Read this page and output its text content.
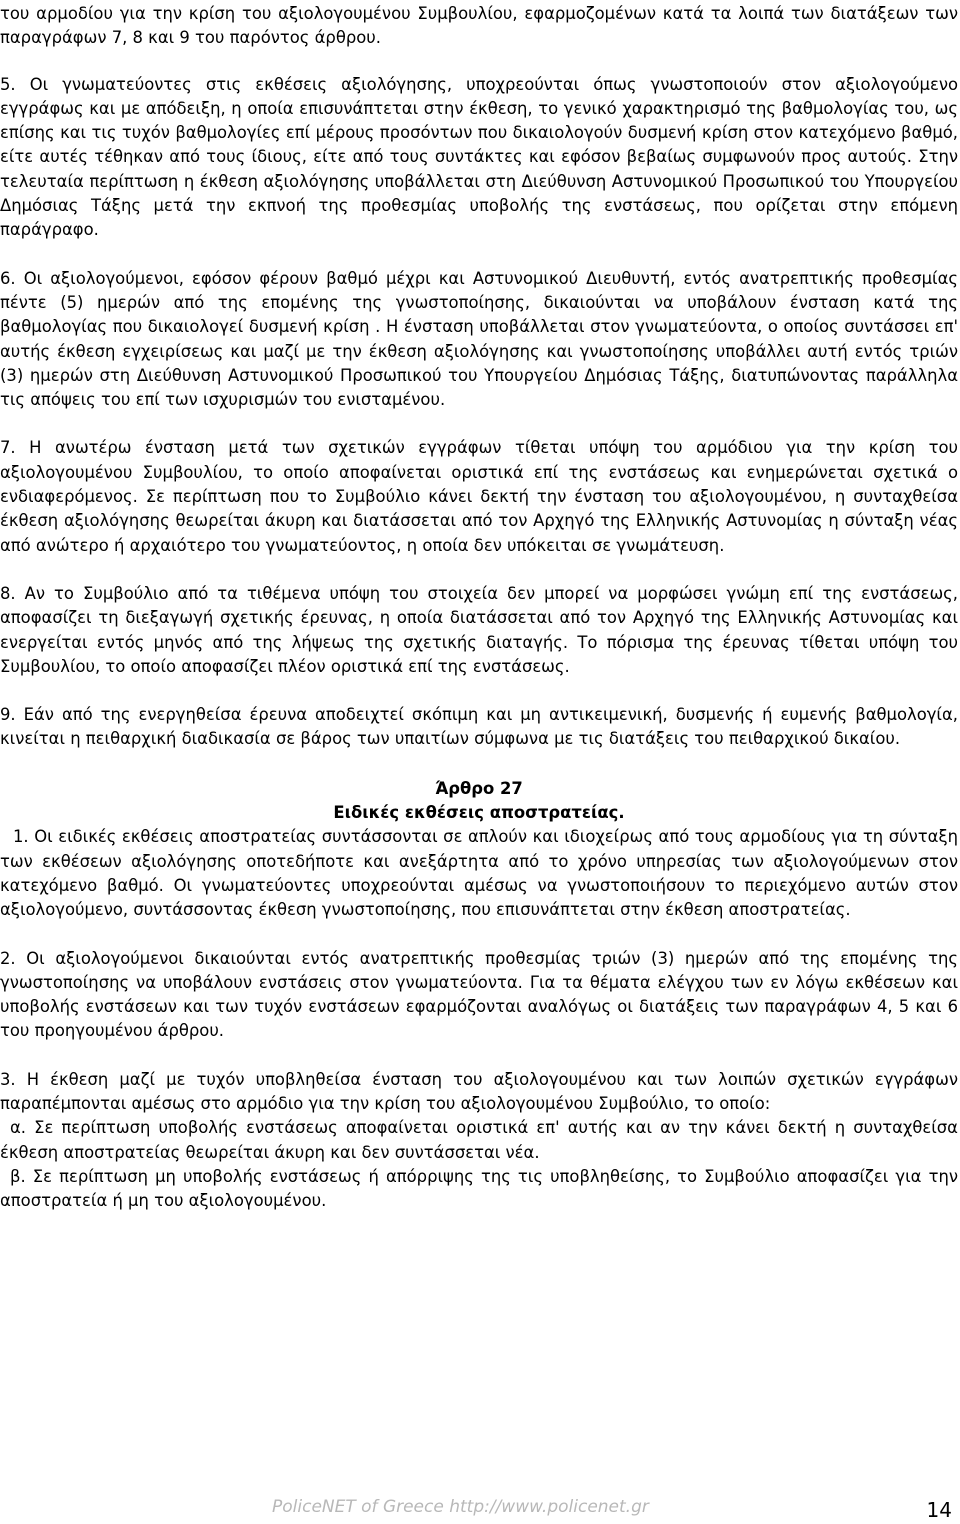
του αρμοδίου για την κρίση του αξιολογουμένου Συμβουλίου, εφαρμοζομένων κατά τα λοιπά των διατάξεων των παραγράφων 7, 8 και 9 του παρόντος άρθρου.

5. Οι γνωματεύοντες στις εκθέσεις αξιολόγησης, υποχρεούνται όπως γνωστοποιούν στον αξιολογούμενο εγγράφως και με απόδειξη, η οποία επισυνάπτεται στην έκθεση, το γενικό χαρακτηρισμό της βαθμολογίας του, ως επίσης και τις τυχόν βαθμολογίες επί μέρους προσόντων που δικαιολογούν δυσμενή κρίση στον κατεχόμενο βαθμό, είτε αυτές τέθηκαν από τους ίδιους, είτε από τους συντάκτες και εφόσον βεβαίως συμφωνούν προς αυτούς. Στην τελευταία περίπτωση η έκθεση αξιολόγησης υποβάλλεται στη Διεύθυνση Αστυνομικού Προσωπικού του Υπουργείου Δημόσιας Τάξης μετά την εκπνοή της προθεσμίας υποβολής της ενστάσεως, που ορίζεται στην επόμενη παράγραφο.

6. Οι αξιολογούμενοι, εφόσον φέρουν βαθμό μέχρι και Αστυνομικού Διευθυντή, εντός ανατρεπτικής προθεσμίας πέντε (5) ημερών από της επομένης της γνωστοποίησης, δικαιούνται να υποβάλουν ένσταση κατά της βαθμολογίας που δικαιολογεί δυσμενή κρίση . Η ένσταση υποβάλλεται στον γνωματεύοντα, ο οποίος συντάσσει επ' αυτής έκθεση εγχειρίσεως και μαζί με την έκθεση αξιολόγησης και γνωστοποίησης υποβάλλει αυτή εντός τριών (3) ημερών στη Διεύθυνση Αστυνομικού Προσωπικού του Υπουργείου Δημόσιας Τάξης, διατυπώνοντας παράλληλα τις απόψεις του επί των ισχυρισμών του ενισταμένου.

7. Η ανωτέρω ένσταση μετά των σχετικών εγγράφων τίθεται υπόψη του αρμόδιου για την κρίση του αξιολογουμένου Συμβουλίου, το οποίο αποφαίνεται οριστικά επί της ενστάσεως και ενημερώνεται σχετικά ο ενδιαφερόμενος. Σε περίπτωση που το Συμβούλιο κάνει δεκτή την ένσταση του αξιολογουμένου, η συνταχθείσα έκθεση αξιολόγησης θεωρείται άκυρη και διατάσσεται από τον Αρχηγό της Ελληνικής Αστυνομίας η σύνταξη νέας από ανώτερο ή αρχαιότερο του γνωματεύοντος, η οποία δεν υπόκειται σε γνωμάτευση.

8. Αν το Συμβούλιο από τα τιθέμενα υπόψη του στοιχεία δεν μπορεί να μορφώσει γνώμη επί της ενστάσεως, αποφασίζει τη διεξαγωγή σχετικής έρευνας, η οποία διατάσσεται από τον Αρχηγό της Ελληνικής Αστυνομίας και ενεργείται εντός μηνός από της λήψεως της σχετικής διαταγής. Το πόρισμα της έρευνας τίθεται υπόψη του Συμβουλίου, το οποίο αποφασίζει πλέον οριστικά επί της ενστάσεως.

9. Εάν από της ενεργηθείσα έρευνα αποδειχτεί σκόπιμη και μη αντικειμενική, δυσμενής ή ευμενής βαθμολογία, κινείται η πειθαρχική διαδικασία σε βάρος των υπαιτίων σύμφωνα με τις διατάξεις του πειθαρχικού δικαίου.

Άρθρο 27

Ειδικές εκθέσεις αποστρατείας.

1. Οι ειδικές εκθέσεις αποστρατείας συντάσσονται σε απλούν και ιδιοχείρως από τους αρμοδίους για τη σύνταξη των εκθέσεων αξιολόγησης οποτεδήποτε και ανεξάρτητα από το χρόνο υπηρεσίας των αξιολογούμενων στον κατεχόμενο βαθμό. Οι γνωματεύοντες υποχρεούνται αμέσως να γνωστοποιήσουν το περιεχόμενο αυτών στον αξιολογούμενο, συντάσσοντας έκθεση γνωστοποίησης, που επισυνάπτεται στην έκθεση αποστρατείας.

2. Οι αξιολογούμενοι δικαιούνται εντός ανατρεπτικής προθεσμίας τριών (3) ημερών από της επομένης της γνωστοποίησης να υποβάλουν ενστάσεις στον γνωματεύοντα. Για τα θέματα ελέγχου των εν λόγω εκθέσεων και υποβολής ενστάσεων και των τυχόν ενστάσεων εφαρμόζονται αναλόγως οι διατάξεις των παραγράφων 4, 5 και 6 του προηγουμένου άρθρου.

3. Η έκθεση μαζί με τυχόν υποβληθείσα ένσταση του αξιολογουμένου και των λοιπών σχετικών εγγράφων παραπέμπονται αμέσως στο αρμόδιο για την κρίση του αξιολογουμένου Συμβούλιο, το οποίο:

α. Σε περίπτωση υποβολής ενστάσεως αποφαίνεται οριστικά επ' αυτής και αν την κάνει δεκτή η συνταχθείσα έκθεση αποστρατείας θεωρείται άκυρη και δεν συντάσσεται νέα.

β. Σε περίπτωση μη υποβολής ενστάσεως ή απόρριψης της τις υποβληθείσης, το Συμβούλιο αποφασίζει για την αποστρατεία ή μη του αξιολογουμένου.

PoliceNET of Greece http://www.policenet.gr	14
